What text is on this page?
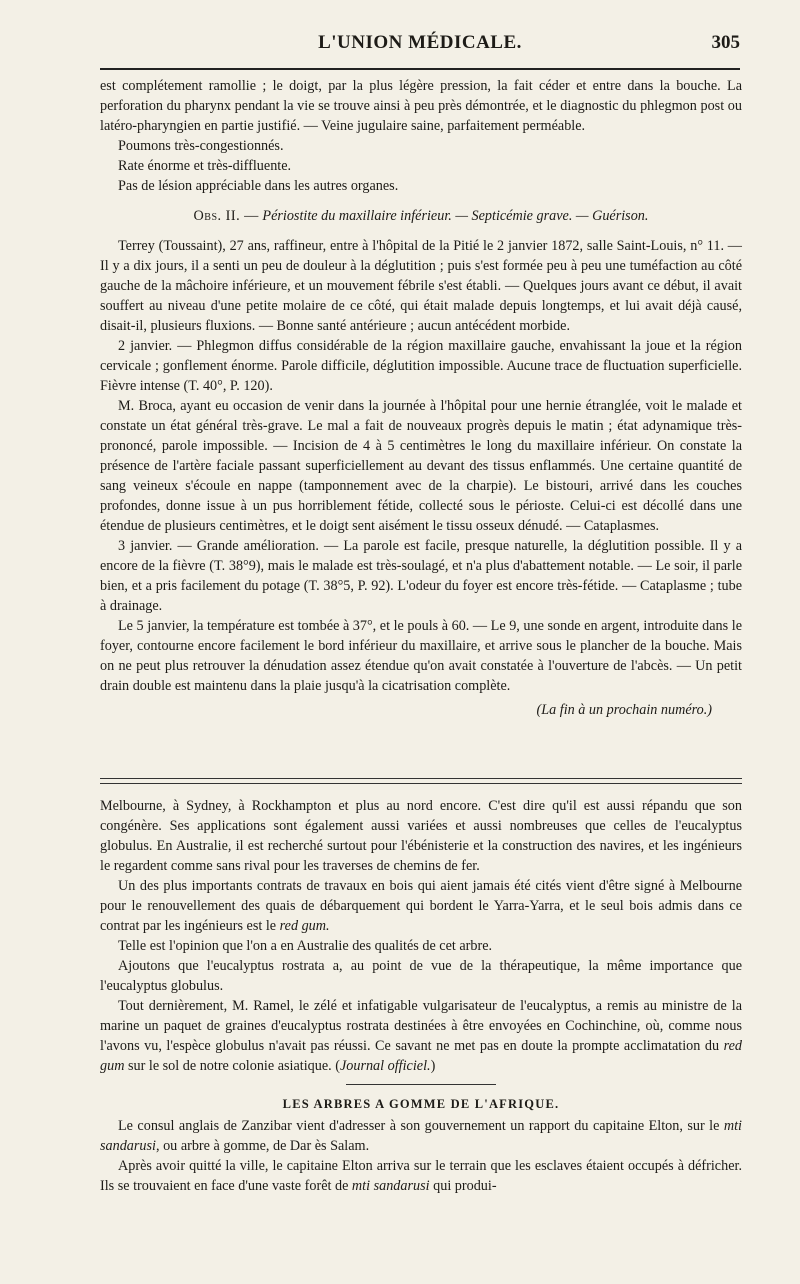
L'UNION MÉDICALE.	305

est complétement ramollie ; le doigt, par la plus légère pression, la fait céder et entre dans la bouche. La perforation du pharynx pendant la vie se trouve ainsi à peu près démontrée, et le diagnostic du phlegmon post ou latéro-pharyngien en partie justifié. — Veine jugulaire saine, parfaitement perméable.

Poumons très-congestionnés.

Rate énorme et très-diffluente.

Pas de lésion appréciable dans les autres organes.

Obs. II. — Périostite du maxillaire inférieur. — Septicémie grave. — Guérison.

Terrey (Toussaint), 27 ans, raffineur, entre à l'hôpital de la Pitié le 2 janvier 1872, salle Saint-Louis, n° 11. — Il y a dix jours, il a senti un peu de douleur à la déglutition ; puis s'est formée peu à peu une tuméfaction au côté gauche de la mâchoire inférieure, et un mouvement fébrile s'est établi. — Quelques jours avant ce début, il avait souffert au niveau d'une petite molaire de ce côté, qui était malade depuis longtemps, et lui avait déjà causé, disait-il, plusieurs fluxions. — Bonne santé antérieure ; aucun antécédent morbide.

2 janvier. — Phlegmon diffus considérable de la région maxillaire gauche, envahissant la joue et la région cervicale ; gonflement énorme. Parole difficile, déglutition impossible. Aucune trace de fluctuation superficielle. Fièvre intense (T. 40°, P. 120).

M. Broca, ayant eu occasion de venir dans la journée à l'hôpital pour une hernie étranglée, voit le malade et constate un état général très-grave. Le mal a fait de nouveaux progrès depuis le matin ; état adynamique très-prononcé, parole impossible. — Incision de 4 à 5 centimètres le long du maxillaire inférieur. On constate la présence de l'artère faciale passant superficiellement au devant des tissus enflammés. Une certaine quantité de sang veineux s'écoule en nappe (tamponnement avec de la charpie). Le bistouri, arrivé dans les couches profondes, donne issue à un pus horriblement fétide, collecté sous le périoste. Celui-ci est décollé dans une étendue de plusieurs centimètres, et le doigt sent aisément le tissu osseux dénudé. — Cataplasmes.

3 janvier. — Grande amélioration. — La parole est facile, presque naturelle, la déglutition possible. Il y a encore de la fièvre (T. 38°9), mais le malade est très-soulagé, et n'a plus d'abattement notable. — Le soir, il parle bien, et a pris facilement du potage (T. 38°5, P. 92). L'odeur du foyer est encore très-fétide. — Cataplasme ; tube à drainage.

Le 5 janvier, la température est tombée à 37°, et le pouls à 60. — Le 9, une sonde en argent, introduite dans le foyer, contourne encore facilement le bord inférieur du maxillaire, et arrive sous le plancher de la bouche. Mais on ne peut plus retrouver la dénudation assez étendue qu'on avait constatée à l'ouverture de l'abcès. — Un petit drain double est maintenu dans la plaie jusqu'à la cicatrisation complète.

(La fin à un prochain numéro.)

Melbourne, à Sydney, à Rockhampton et plus au nord encore. C'est dire qu'il est aussi répandu que son congénère. Ses applications sont également aussi variées et aussi nombreuses que celles de l'eucalyptus globulus. En Australie, il est recherché surtout pour l'ébénisterie et la construction des navires, et les ingénieurs le regardent comme sans rival pour les traverses de chemins de fer.

Un des plus importants contrats de travaux en bois qui aient jamais été cités vient d'être signé à Melbourne pour le renouvellement des quais de débarquement qui bordent le Yarra-Yarra, et le seul bois admis dans ce contrat par les ingénieurs est le red gum.

Telle est l'opinion que l'on a en Australie des qualités de cet arbre.

Ajoutons que l'eucalyptus rostrata a, au point de vue de la thérapeutique, la même importance que l'eucalyptus globulus.

Tout dernièrement, M. Ramel, le zélé et infatigable vulgarisateur de l'eucalyptus, a remis au ministre de la marine un paquet de graines d'eucalyptus rostrata destinées à être envoyées en Cochinchine, où, comme nous l'avons vu, l'espèce globulus n'avait pas réussi. Ce savant ne met pas en doute la prompte acclimatation du red gum sur le sol de notre colonie asiatique. (Journal officiel.)

LES ARBRES A GOMME DE L'AFRIQUE.

Le consul anglais de Zanzibar vient d'adresser à son gouvernement un rapport du capitaine Elton, sur le mti sandarusi, ou arbre à gomme, de Dar ès Salam.

Après avoir quitté la ville, le capitaine Elton arriva sur le terrain que les esclaves étaient occupés à défricher. Ils se trouvaient en face d'une vaste forêt de mti sandarusi qui produi-
